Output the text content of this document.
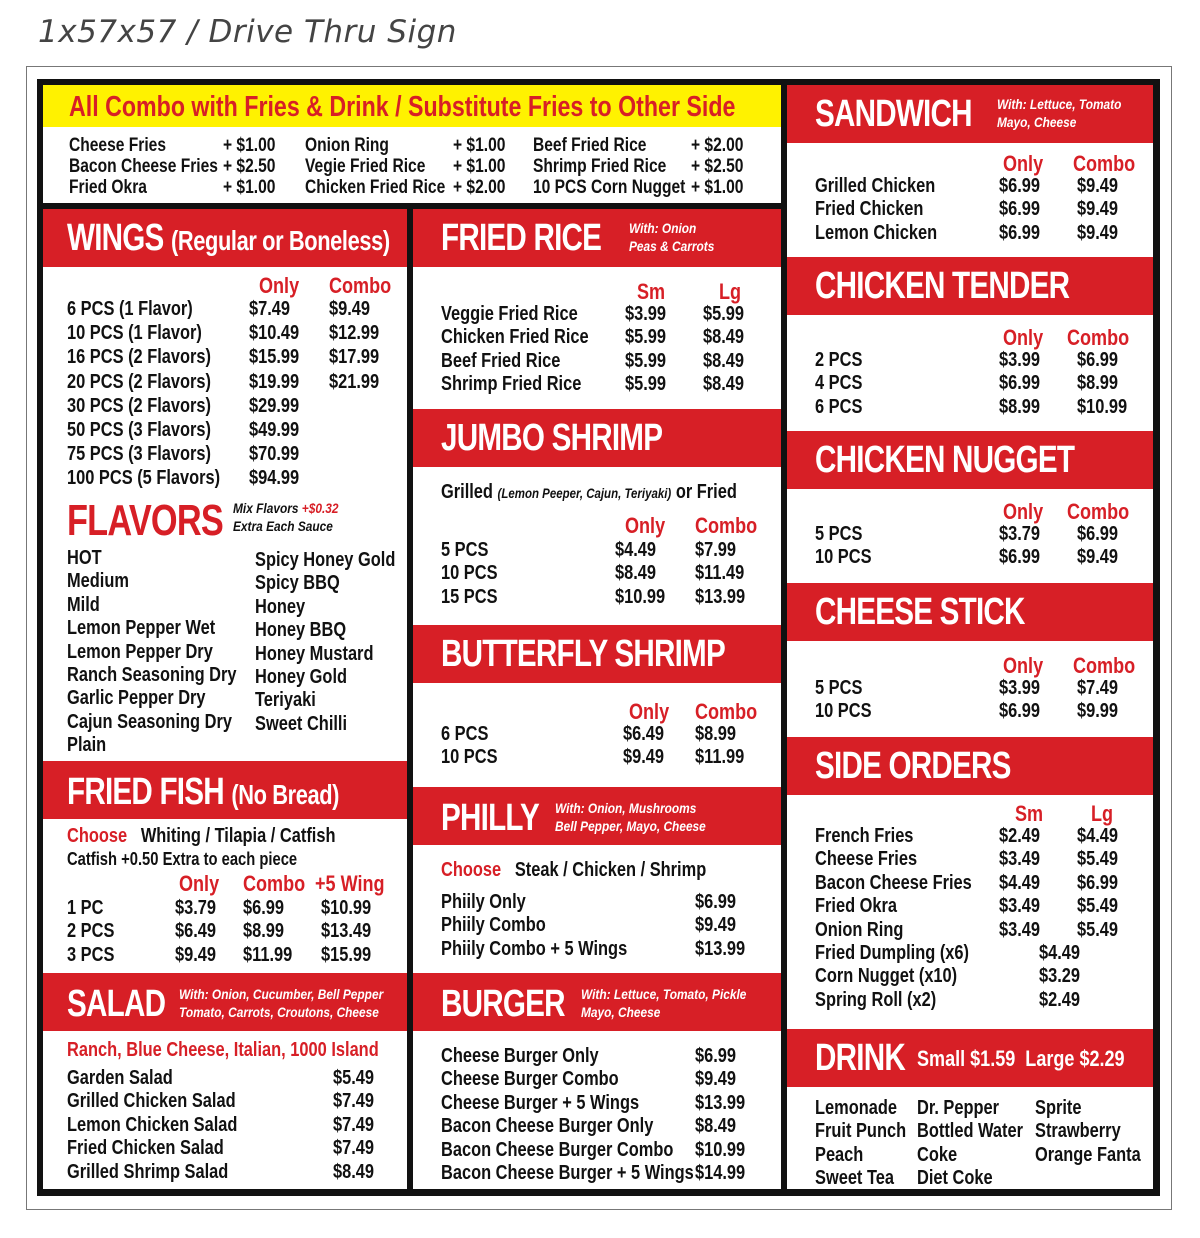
1x57x57 / Drive Thru Sign
All Combo with Fries & Drink / Substitute Fries to Other Side
Cheese Fries
Bacon Cheese Fries
Fried Okra
+ $1.00
+ $2.50
+ $1.00
Onion Ring
Vegie Fried Rice
Chicken Fried Rice
+ $1.00
+ $1.00
+ $2.00
Beef Fried Rice
Shrimp Fried Rice
10 PCS Corn Nugget
+ $2.00
+ $2.50
+ $1.00
WINGS (Regular or Boneless)
Only Combo
6 PCS (1 Flavor)
10 PCS (1 Flavor)
16 PCS (2 Flavors)
20 PCS (2 Flavors)
30 PCS (2 Flavors)
50 PCS (3 Flavors)
75 PCS (3 Flavors)
100 PCS (5 Flavors)
$7.49
$10.49
$15.99
$19.99
$29.99
$49.99
$70.99
$94.99
$9.49
$12.99
$17.99
$21.99
FLAVORS Mix Flavors +$0.32
Extra Each Sauce
HOT
Medium
Mild
Lemon Pepper Wet
Lemon Pepper Dry
Ranch Seasoning Dry
Garlic Pepper Dry
Cajun Seasoning Dry
Plain
Spicy Honey Gold
Spicy BBQ
Honey
Honey BBQ
Honey Mustard
Honey Gold
Teriyaki
Sweet Chilli
FRIED FISH (No Bread)
Choose Whiting / Tilapia / Catfish
Catfish +0.50 Extra to each piece
Only Combo +5 Wing
1 PC
2 PCS
3 PCS
$3.79
$6.49
$9.49
$6.99
$8.99
$11.99
$10.99
$13.49
$15.99
SALAD With: Onion, Cucumber, Bell Pepper
Tomato, Carrots, Croutons, Cheese
Ranch, Blue Cheese, Italian, 1000 Island
Garden Salad
Grilled Chicken Salad
Lemon Chicken Salad
Fried Chicken Salad
Grilled Shrimp Salad
$5.49
$7.49
$7.49
$7.49
$8.49
FRIED RICE With: Onion
Peas & Carrots
Sm Lg
Veggie Fried Rice
Chicken Fried Rice
Beef Fried Rice
Shrimp Fried Rice
$3.99
$5.99
$5.99
$5.99
$5.99
$8.49
$8.49
$8.49
JUMBO SHRIMP
Grilled (Lemon Peeper, Cajun, Teriyaki) or Fried
Only Combo
5 PCS
10 PCS
15 PCS
$4.49
$8.49
$10.99
$7.99
$11.49
$13.99
BUTTERFLY SHRIMP
Only Combo
6 PCS
10 PCS
$6.49
$9.49
$8.99
$11.99
PHILLY With: Onion, Mushrooms
Bell Pepper, Mayo, Cheese
Choose Steak / Chicken / Shrimp
Phiily Only
Phiily Combo
Phiily Combo + 5 Wings
$6.99
$9.49
$13.99
BURGER With: Lettuce, Tomato, Pickle
Mayo, Cheese
Cheese Burger Only
Cheese Burger Combo
Cheese Burger + 5 Wings
Bacon Cheese Burger Only
Bacon Cheese Burger Combo
Bacon Cheese Burger + 5 Wings
$6.99
$9.49
$13.99
$8.49
$10.99
$14.99
SANDWICH With: Lettuce, Tomato
Mayo, Cheese
Only Combo
Grilled Chicken
Fried Chicken
Lemon Chicken
$6.99
$6.99
$6.99
$9.49
$9.49
$9.49
CHICKEN TENDER
Only Combo
2 PCS
4 PCS
6 PCS
$3.99
$6.99
$8.99
$6.99
$8.99
$10.99
CHICKEN NUGGET
Only Combo
5 PCS
10 PCS
$3.79
$6.99
$6.99
$9.49
CHEESE STICK
Only Combo
5 PCS
10 PCS
$3.99
$6.99
$7.49
$9.99
SIDE ORDERS
Sm Lg
French Fries
Cheese Fries
Bacon Cheese Fries
Fried Okra
Onion Ring
Fried Dumpling (x6)
Corn Nugget (x10)
Spring Roll (x2)
$2.49
$3.49
$4.49
$3.49
$3.49
$4.49
$5.49
$6.99
$5.49
$5.49
$4.49
$3.29
$2.49
DRINK Small $1.59  Large $2.29
Lemonade
Fruit Punch
Peach
Sweet Tea
Dr. Pepper
Bottled Water
Coke
Diet Coke
Sprite
Strawberry
Orange Fanta
